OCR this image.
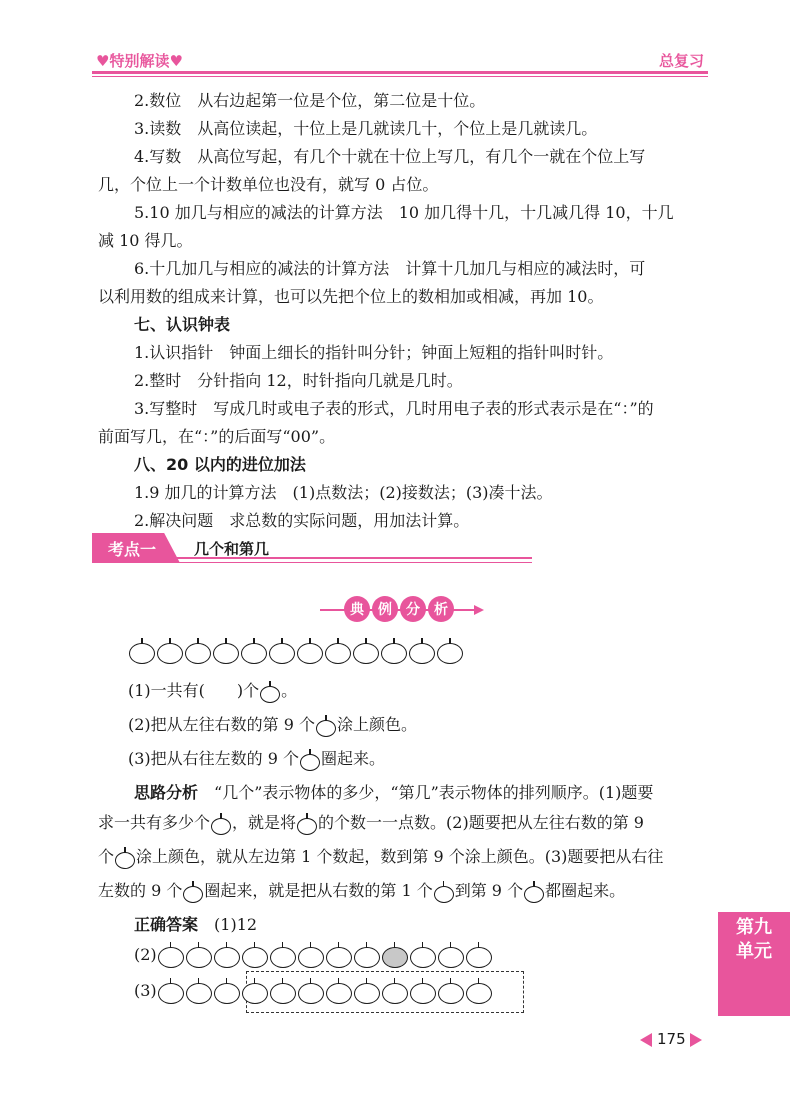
♥特别解读♥	总复习
2.数位　从右边起第一位是个位，第二位是十位。
3.读数　从高位读起，十位上是几就读几十，个位上是几就读几。
4.写数　从高位写起，有几个十就在十位上写几，有几个一就在个位上写
几，个位上一个计数单位也没有，就写 0 占位。
5.10 加几与相应的减法的计算方法　10 加几得十几，十几减几得 10，十几
减 10 得几。
6.十几加几与相应的减法的计算方法　计算十几加几与相应的减法时，可
以利用数的组成来计算，也可以先把个位上的数相加或相减，再加 10。
七、认识钟表
1.认识指针　钟面上细长的指针叫分针；钟面上短粗的指针叫时针。
2.整时　分针指向 12，时针指向几就是几时。
3.写整时　写成几时或电子表的形式，几时用电子表的形式表示是在“：”的
前面写几，在“：”的后面写“00”。
八、20 以内的进位加法
1.9 加几的计算方法　(1)点数法；(2)接数法；(3)凑十法。
2.解决问题　求总数的实际问题，用加法计算。
考点一	几个和第几
典	例	分	析
(1)一共有(　　)个 。
(2)把从左往右数的第 9 个 涂上颜色。
(3)把从右往左数的 9 个 圈起来。
思路分析　 “几个”表示物体的多少，“第几”表示物体的排列顺序。(1)题要
求一共有多少个 ，就是将 的个数一一点数。(2)题要把从左往右数的第 9
个 涂上颜色，就从左边第 1 个数起，数到第 9 个涂上颜色。(3)题要把从右往
左数的 9 个 圈起来，就是把从右数的第 1 个 到第 9 个 都圈起来。
正确答案　 (1)12
(2)
(3)
第九单元
175
